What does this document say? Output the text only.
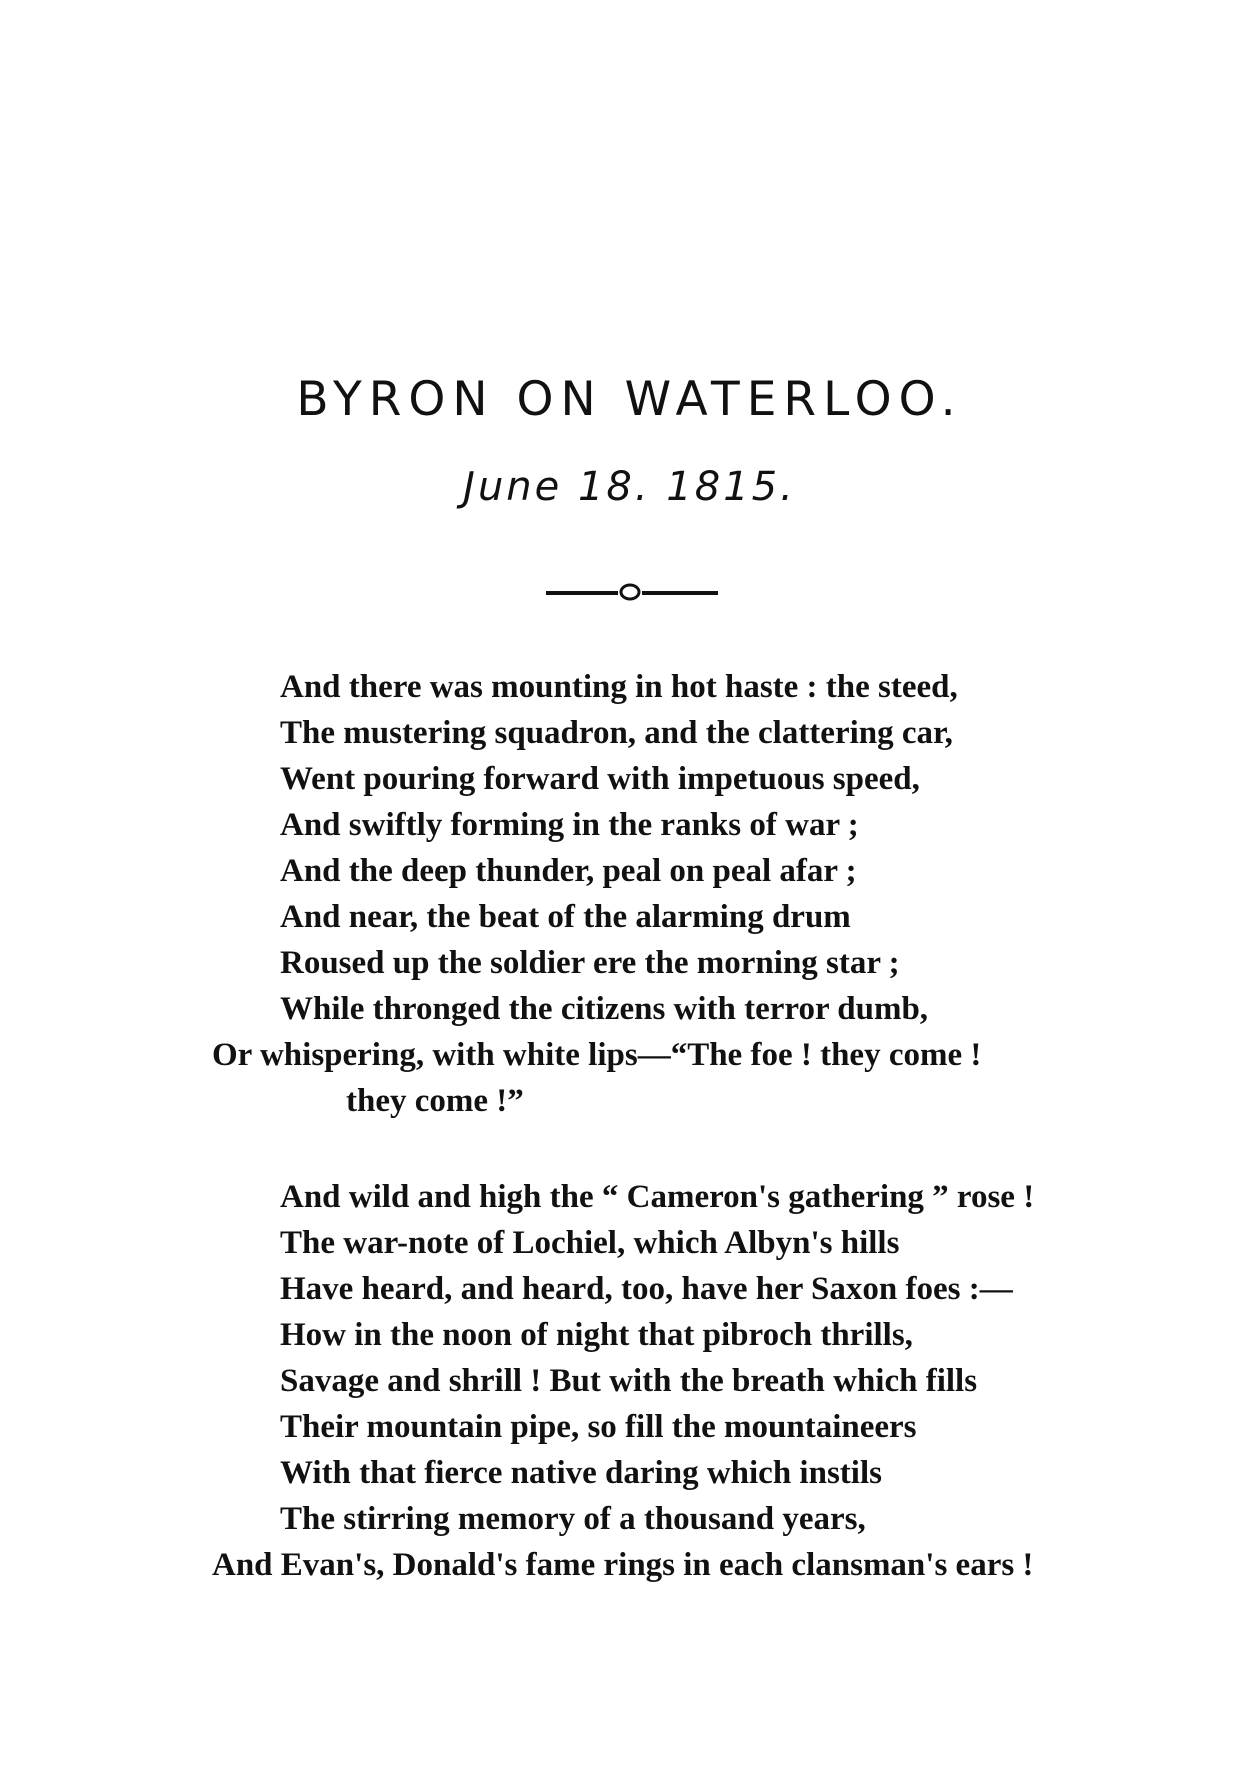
BYRON ON WATERLOO.
June 18. 1815.
And there was mounting in hot haste : the steed,
The mustering squadron, and the clattering car,
Went pouring forward with impetuous speed,
And swiftly forming in the ranks of war ;
And the deep thunder, peal on peal afar ;
And near, the beat of the alarming drum
Roused up the soldier ere the morning star ;
While thronged the citizens with terror dumb,
Or whispering, with white lips—“The foe ! they come !
they come !”
And wild and high the “ Cameron's gathering ” rose !
The war-note of Lochiel, which Albyn's hills
Have heard, and heard, too, have her Saxon foes :—
How in the noon of night that pibroch thrills,
Savage and shrill ! But with the breath which fills
Their mountain pipe, so fill the mountaineers
With that fierce native daring which instils
The stirring memory of a thousand years,
And Evan's, Donald's fame rings in each clansman's ears !
